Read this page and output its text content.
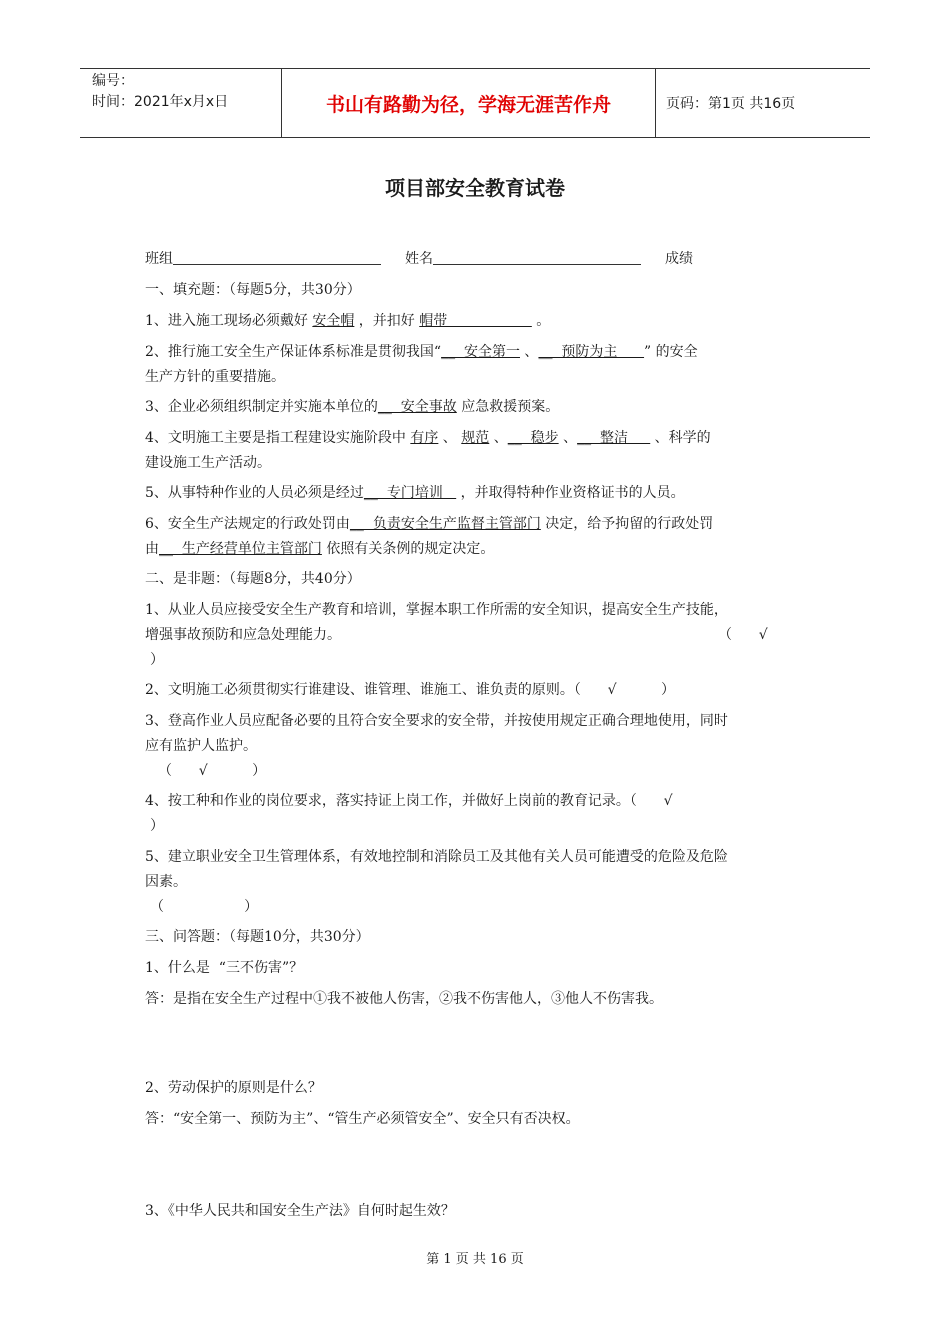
编号：
时间：2021年x月x日	书山有路勤为径，学海无涯苦作舟	页码：第1页 共16页
项目部安全教育试卷
班组	姓名	成绩
一、填充题：（每题5分，共30分）
1、进入施工现场必须戴好 安全帽 ，并扣好 帽带                    。
2、推行施工安全生产保证体系标准是贯彻我国“__  安全第一 、__  预防为主      ” 的安全
生产方针的重要措施。
3、企业必须组织制定并实施本单位的__  安全事故 应急救援预案。
4、文明施工主要是指工程建设实施阶段中 有序 、 规范 、__  稳步 、__  整洁      、科学的
建设施工生产活动。
5、从事特种作业的人员必须是经过__  专门培训    ，并取得特种作业资格证书的人员。
6、安全生产法规定的行政处罚由__  负责安全生产监督主管部门 决定，给予拘留的行政处罚
由__  生产经营单位主管部门 依照有关条例的规定决定。
二、是非题：（每题8分，共40分）
1、从业人员应接受安全生产教育和培训，掌握本职工作所需的安全知识，提高安全生产技能，
增强事故预防和应急处理能力。	（      √
）
2、文明施工必须贯彻实行谁建设、谁管理、谁施工、谁负责的原则。（      √          ）
3、登高作业人员应配备必要的且符合安全要求的安全带，并按使用规定正确合理地使用，同时
应有监护人监护。
（      √          ）
4、按工种和作业的岗位要求，落实持证上岗工作，并做好上岗前的教育记录。（      √
）
5、建立职业安全卫生管理体系，有效地控制和消除员工及其他有关人员可能遭受的危险及危险
因素。
（                  ）
三、问答题：（每题10分，共30分）
1、什么是  “三不伤害”？
答：是指在安全生产过程中①我不被他人伤害，②我不伤害他人，③他人不伤害我。
2、劳动保护的原则是什么？
答：“安全第一、预防为主”、“管生产必须管安全”、安全只有否决权。
3、《中华人民共和国安全生产法》自何时起生效？
第 1 页 共 16 页
